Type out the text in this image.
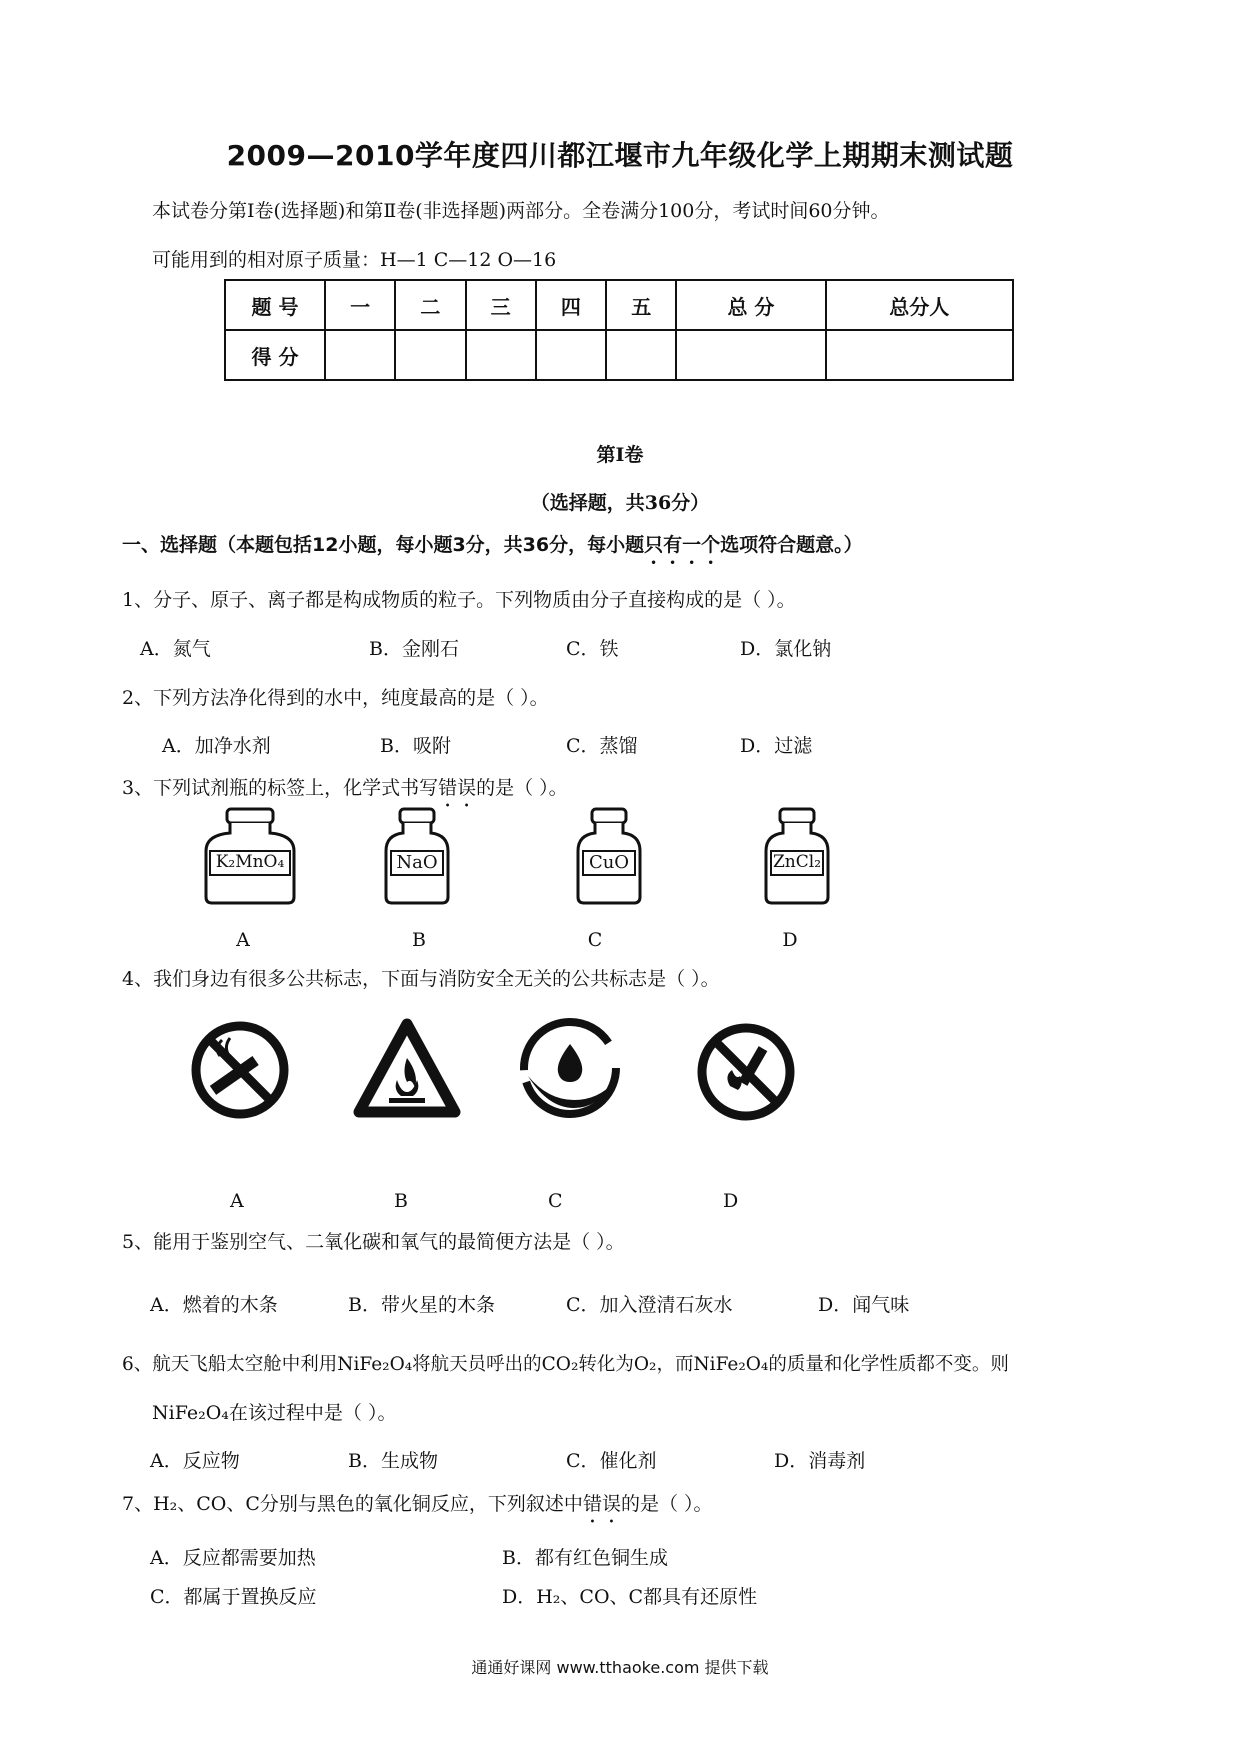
2009—2010学年度四川都江堰市九年级化学上期期末测试题
本试卷分第Ⅰ卷(选择题)和第Ⅱ卷(非选择题)两部分。全卷满分100分，考试时间60分钟。
可能用到的相对原子质量：H—1 C—12 O—16
题 号	一	二	三	四	五	总 分	总分人
得 分							
第Ⅰ卷
（选择题，共36分）
一、选择题（本题包括12小题，每小题3分，共36分，每小题只有一个选项符合题意。）
1、分子、原子、离子都是构成物质的粒子。下列物质由分子直接构成的是（ ）。
A．氮气	B．金刚石	C．铁	D．氯化钠
2、下列方法净化得到的水中，纯度最高的是（ ）。
A．加净水剂	B．吸附	C．蒸馏	D．过滤
3、下列试剂瓶的标签上，化学式书写错误的是（ ）。
K₂MnO₄	NaO	CuO	ZnCl₂
A	B	C	D
4、我们身边有很多公共标志，下面与消防安全无关的公共标志是（ ）。
A	B	C	D
5、能用于鉴别空气、二氧化碳和氧气的最简便方法是（ ）。
A．燃着的木条	B．带火星的木条	C．加入澄清石灰水	D．闻气味
6、航天飞船太空舱中利用NiFe₂O₄将航天员呼出的CO₂转化为O₂，而NiFe₂O₄的质量和化学性质都不变。则
NiFe₂O₄在该过程中是（ ）。
A．反应物	B．生成物	C．催化剂	D．消毒剂
7、H₂、CO、C分别与黑色的氧化铜反应，下列叙述中错误的是（ ）。
A．反应都需要加热	B．都有红色铜生成
C．都属于置换反应	D．H₂、CO、C都具有还原性
通通好课网 www.tthaoke.com 提供下载
